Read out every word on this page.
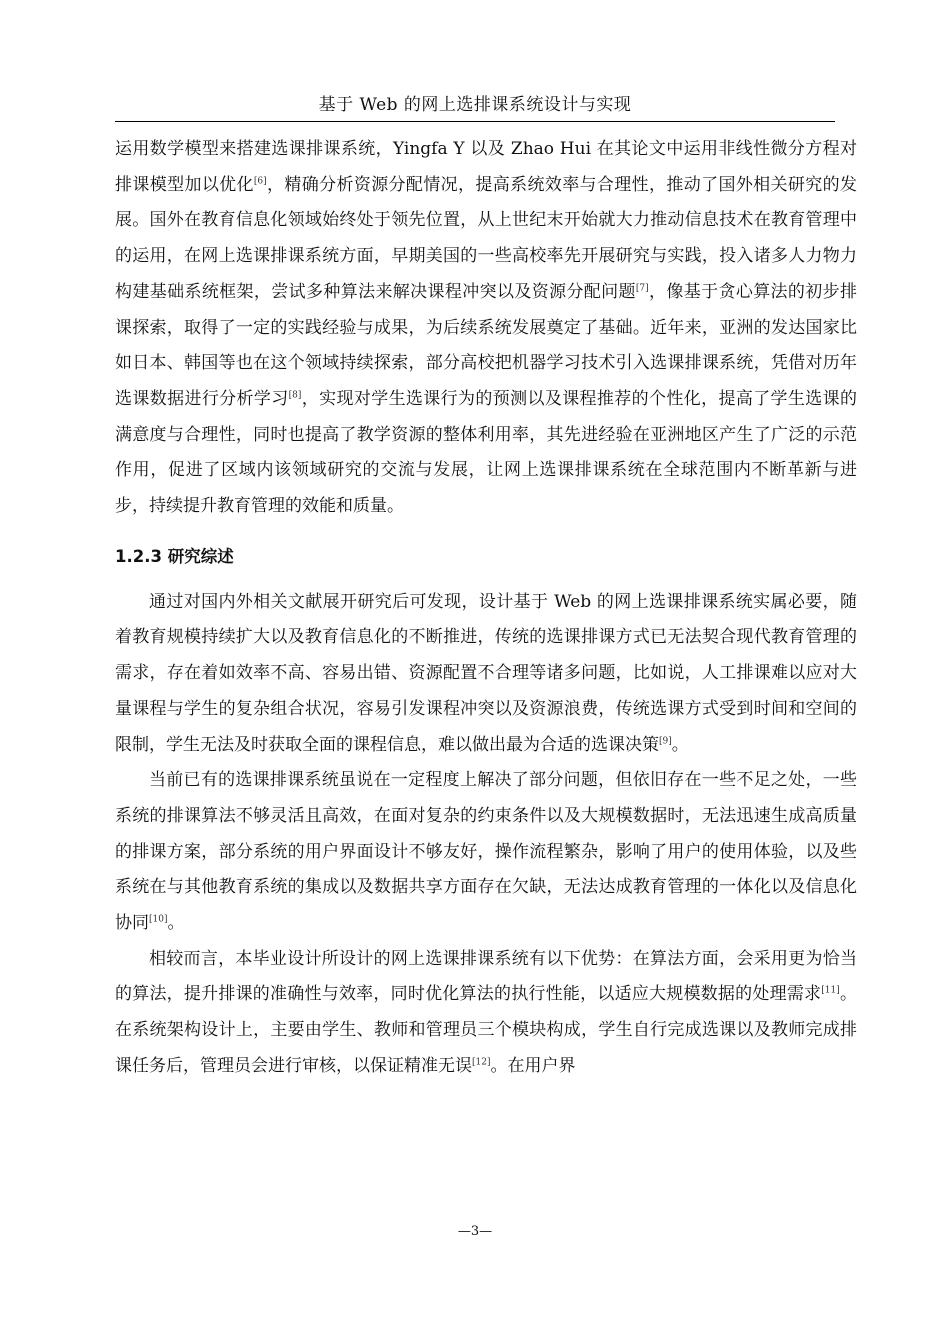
基于 Web 的网上选排课系统设计与实现

运用数学模型来搭建选课排课系统，Yingfa Y 以及 Zhao Hui 在其论文中运用非线性微分方程对排课模型加以优化[6]，精确分析资源分配情况，提高系统效率与合理性，推动了国外相关研究的发展。国外在教育信息化领域始终处于领先位置，从上世纪末开始就大力推动信息技术在教育管理中的运用，在网上选课排课系统方面，早期美国的一些高校率先开展研究与实践，投入诸多人力物力构建基础系统框架，尝试多种算法来解决课程冲突以及资源分配问题[7]，像基于贪心算法的初步排课探索，取得了一定的实践经验与成果，为后续系统发展奠定了基础。近年来，亚洲的发达国家比如日本、韩国等也在这个领域持续探索，部分高校把机器学习技术引入选课排课系统，凭借对历年选课数据进行分析学习[8]，实现对学生选课行为的预测以及课程推荐的个性化，提高了学生选课的满意度与合理性，同时也提高了教学资源的整体利用率，其先进经验在亚洲地区产生了广泛的示范作用，促进了区域内该领域研究的交流与发展，让网上选课排课系统在全球范围内不断革新与进步，持续提升教育管理的效能和质量。

1.2.3 研究综述

通过对国内外相关文献展开研究后可发现，设计基于 Web 的网上选课排课系统实属必要，随着教育规模持续扩大以及教育信息化的不断推进，传统的选课排课方式已无法契合现代教育管理的需求，存在着如效率不高、容易出错、资源配置不合理等诸多问题，比如说，人工排课难以应对大量课程与学生的复杂组合状况，容易引发课程冲突以及资源浪费，传统选课方式受到时间和空间的限制，学生无法及时获取全面的课程信息，难以做出最为合适的选课决策[9]。

当前已有的选课排课系统虽说在一定程度上解决了部分问题，但依旧存在一些不足之处，一些系统的排课算法不够灵活且高效，在面对复杂的约束条件以及大规模数据时，无法迅速生成高质量的排课方案，部分系统的用户界面设计不够友好，操作流程繁杂，影响了用户的使用体验，以及些系统在与其他教育系统的集成以及数据共享方面存在欠缺，无法达成教育管理的一体化以及信息化协同[10]。

相较而言，本毕业设计所设计的网上选课排课系统有以下优势：在算法方面，会采用更为恰当的算法，提升排课的准确性与效率，同时优化算法的执行性能，以适应大规模数据的处理需求[11]。在系统架构设计上，主要由学生、教师和管理员三个模块构成，学生自行完成选课以及教师完成排课任务后，管理员会进行审核，以保证精准无误[12]。在用户界

—3—
